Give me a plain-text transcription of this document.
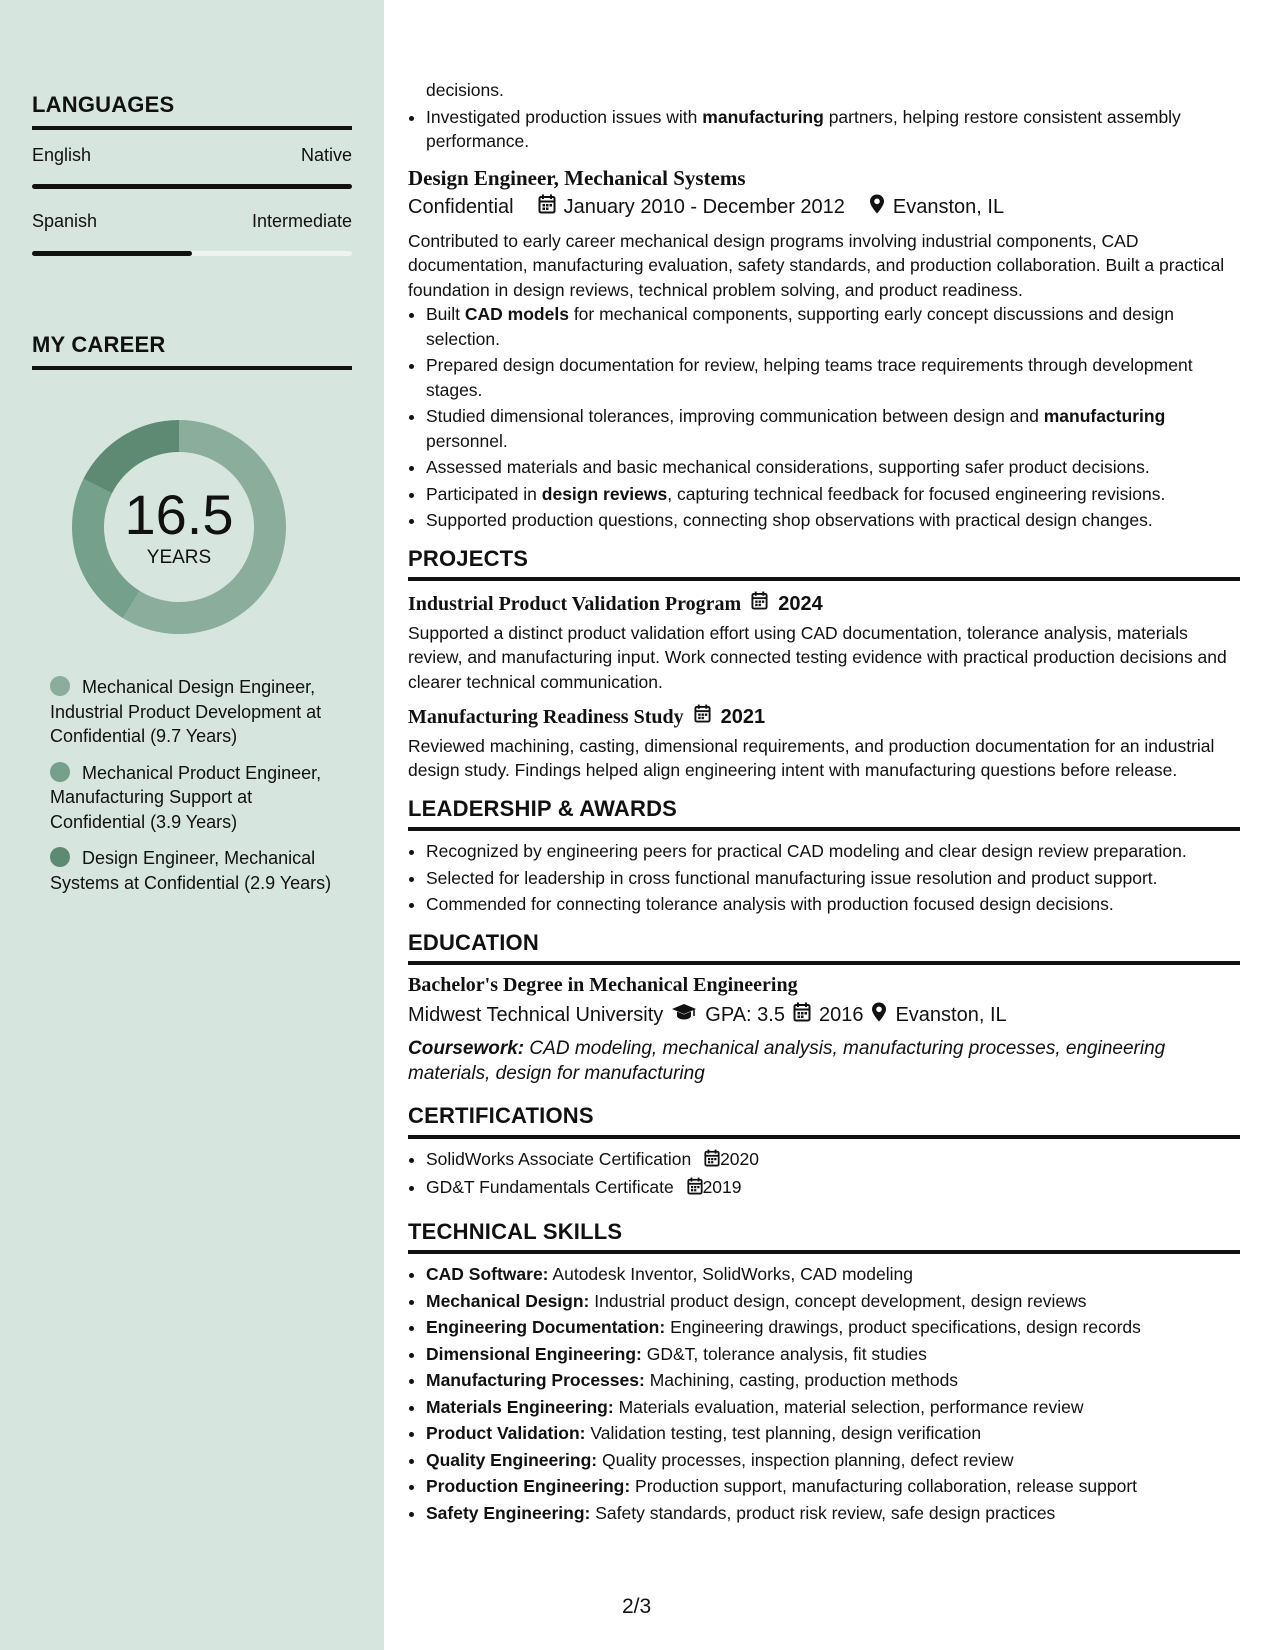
LANGUAGES
English	Native
Spanish	Intermediate
MY CAREER
16.5
YEARS
Mechanical Design Engineer, Industrial Product Development at Confidential (9.7 Years)
Mechanical Product Engineer, Manufacturing Support at Confidential (3.9 Years)
Design Engineer, Mechanical Systems at Confidential (2.9 Years)
decisions.
• Investigated production issues with manufacturing partners, helping restore consistent assembly performance.
Design Engineer, Mechanical Systems
Confidential	January 2010 - December 2012 Evanston, IL

Contributed to early career mechanical design programs involving industrial components, CAD documentation, manufacturing evaluation, safety standards, and production collaboration. Built a practical foundation in design reviews, technical problem solving, and product readiness.

• Built CAD models for mechanical components, supporting early concept discussions and design selection.
• Prepared design documentation for review, helping teams trace requirements through development stages.
• Studied dimensional tolerances, improving communication between design and manufacturing personnel.
• Assessed materials and basic mechanical considerations, supporting safer product decisions.
• Participated in design reviews, capturing technical feedback for focused engineering revisions.
• Supported production questions, connecting shop observations with practical design changes.
PROJECTS
Industrial Product Validation Program 2024

Supported a distinct product validation effort using CAD documentation, tolerance analysis, materials review, and manufacturing input. Work connected testing evidence with practical production decisions and clearer technical communication.

Manufacturing Readiness Study 2021

Reviewed machining, casting, dimensional requirements, and production documentation for an industrial design study. Findings helped align engineering intent with manufacturing questions before release.

LEADERSHIP & AWARDS
• Recognized by engineering peers for practical CAD modeling and clear design review preparation.
• Selected for leadership in cross functional manufacturing issue resolution and product support.
• Commended for connecting tolerance analysis with production focused design decisions.
EDUCATION
Bachelor's Degree in Mechanical Engineering
Midwest Technical University GPA: 3.5 2016 Evanston, IL
Coursework: CAD modeling, mechanical analysis, manufacturing processes, engineering materials, design for manufacturing
CERTIFICATIONS
• SolidWorks Associate Certification 2020
• GD&T Fundamentals Certificate 2019
TECHNICAL SKILLS
• CAD Software: Autodesk Inventor, SolidWorks, CAD modeling
• Mechanical Design: Industrial product design, concept development, design reviews
• Engineering Documentation: Engineering drawings, product specifications, design records
• Dimensional Engineering: GD&T, tolerance analysis, fit studies
• Manufacturing Processes: Machining, casting, production methods
• Materials Engineering: Materials evaluation, material selection, performance review
• Product Validation: Validation testing, test planning, design verification
• Quality Engineering: Quality processes, inspection planning, defect review
• Production Engineering: Production support, manufacturing collaboration, release support
• Safety Engineering: Safety standards, product risk review, safe design practices
2/3
